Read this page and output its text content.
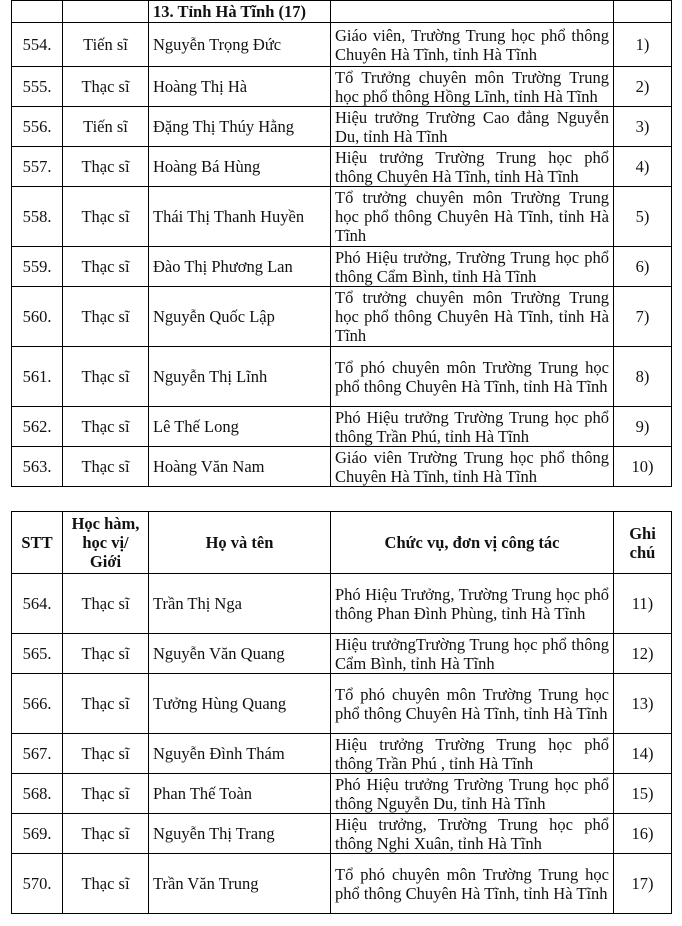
		13. Tỉnh Hà Tĩnh (17)		
554.	Tiến sĩ	Nguyễn Trọng Đức	Giáo viên, Trường Trung học phổ thông Chuyên Hà Tĩnh, tỉnh Hà Tĩnh	1)
555.	Thạc sĩ	Hoàng Thị Hà	Tổ Trưởng chuyên môn Trường Trung học phổ thông Hồng Lĩnh, tỉnh Hà Tĩnh	2)
556.	Tiến sĩ	Đặng Thị Thúy Hằng	Hiệu trưởng Trường Cao đẳng Nguyễn Du, tỉnh Hà Tĩnh	3)
557.	Thạc sĩ	Hoàng Bá Hùng	Hiệu trưởng Trường Trung học phổ thông Chuyên Hà Tĩnh, tỉnh Hà Tĩnh	4)
558.	Thạc sĩ	Thái Thị Thanh Huyền	Tổ trưởng chuyên môn Trường Trung học phổ thông Chuyên Hà Tĩnh, tỉnh Hà Tĩnh	5)
559.	Thạc sĩ	Đào Thị Phương Lan	Phó Hiệu trưởng, Trường Trung học phổ thông Cẩm Bình, tỉnh Hà Tĩnh	6)
560.	Thạc sĩ	Nguyễn Quốc Lập	Tổ trưởng chuyên môn Trường Trung học phổ thông Chuyên Hà Tĩnh, tỉnh Hà Tĩnh	7)
561.	Thạc sĩ	Nguyễn Thị Lĩnh	Tổ phó chuyên môn Trường Trung học phổ thông Chuyên Hà Tĩnh, tỉnh Hà Tĩnh	8)
562.	Thạc sĩ	Lê Thế Long	Phó Hiệu trưởng Trường Trung học phổ thông Trần Phú, tỉnh Hà Tĩnh	9)
563.	Thạc sĩ	Hoàng Văn Nam	Giáo viên Trường Trung học phổ thông Chuyên Hà Tĩnh, tỉnh Hà Tĩnh	10)
STT	Học hàm, học vị/ Giới	Họ và tên	Chức vụ, đơn vị công tác	Ghi chú
564.	Thạc sĩ	Trần Thị Nga	Phó Hiệu Trưởng, Trường Trung học phổ thông Phan Đình Phùng, tỉnh Hà Tĩnh	11)
565.	Thạc sĩ	Nguyễn Văn Quang	Hiệu trưởngTrường Trung học phổ thông Cẩm Bình, tỉnh Hà Tĩnh	12)
566.	Thạc sĩ	Tưởng Hùng Quang	Tổ phó chuyên môn Trường Trung học phổ thông Chuyên Hà Tĩnh, tỉnh Hà Tĩnh	13)
567.	Thạc sĩ	Nguyễn Đình Thám	Hiệu trưởng Trường Trung học phổ thông Trần Phú , tỉnh Hà Tĩnh	14)
568.	Thạc sĩ	Phan Thế Toàn	Phó Hiệu trưởng Trường Trung học phổ thông Nguyễn Du, tỉnh Hà Tĩnh	15)
569.	Thạc sĩ	Nguyễn Thị Trang	Hiệu trưởng, Trường Trung học phổ thông Nghi Xuân, tỉnh Hà Tĩnh	16)
570.	Thạc sĩ	Trần Văn Trung	Tổ phó chuyên môn Trường Trung học phổ thông Chuyên Hà Tĩnh, tỉnh Hà Tĩnh	17)
